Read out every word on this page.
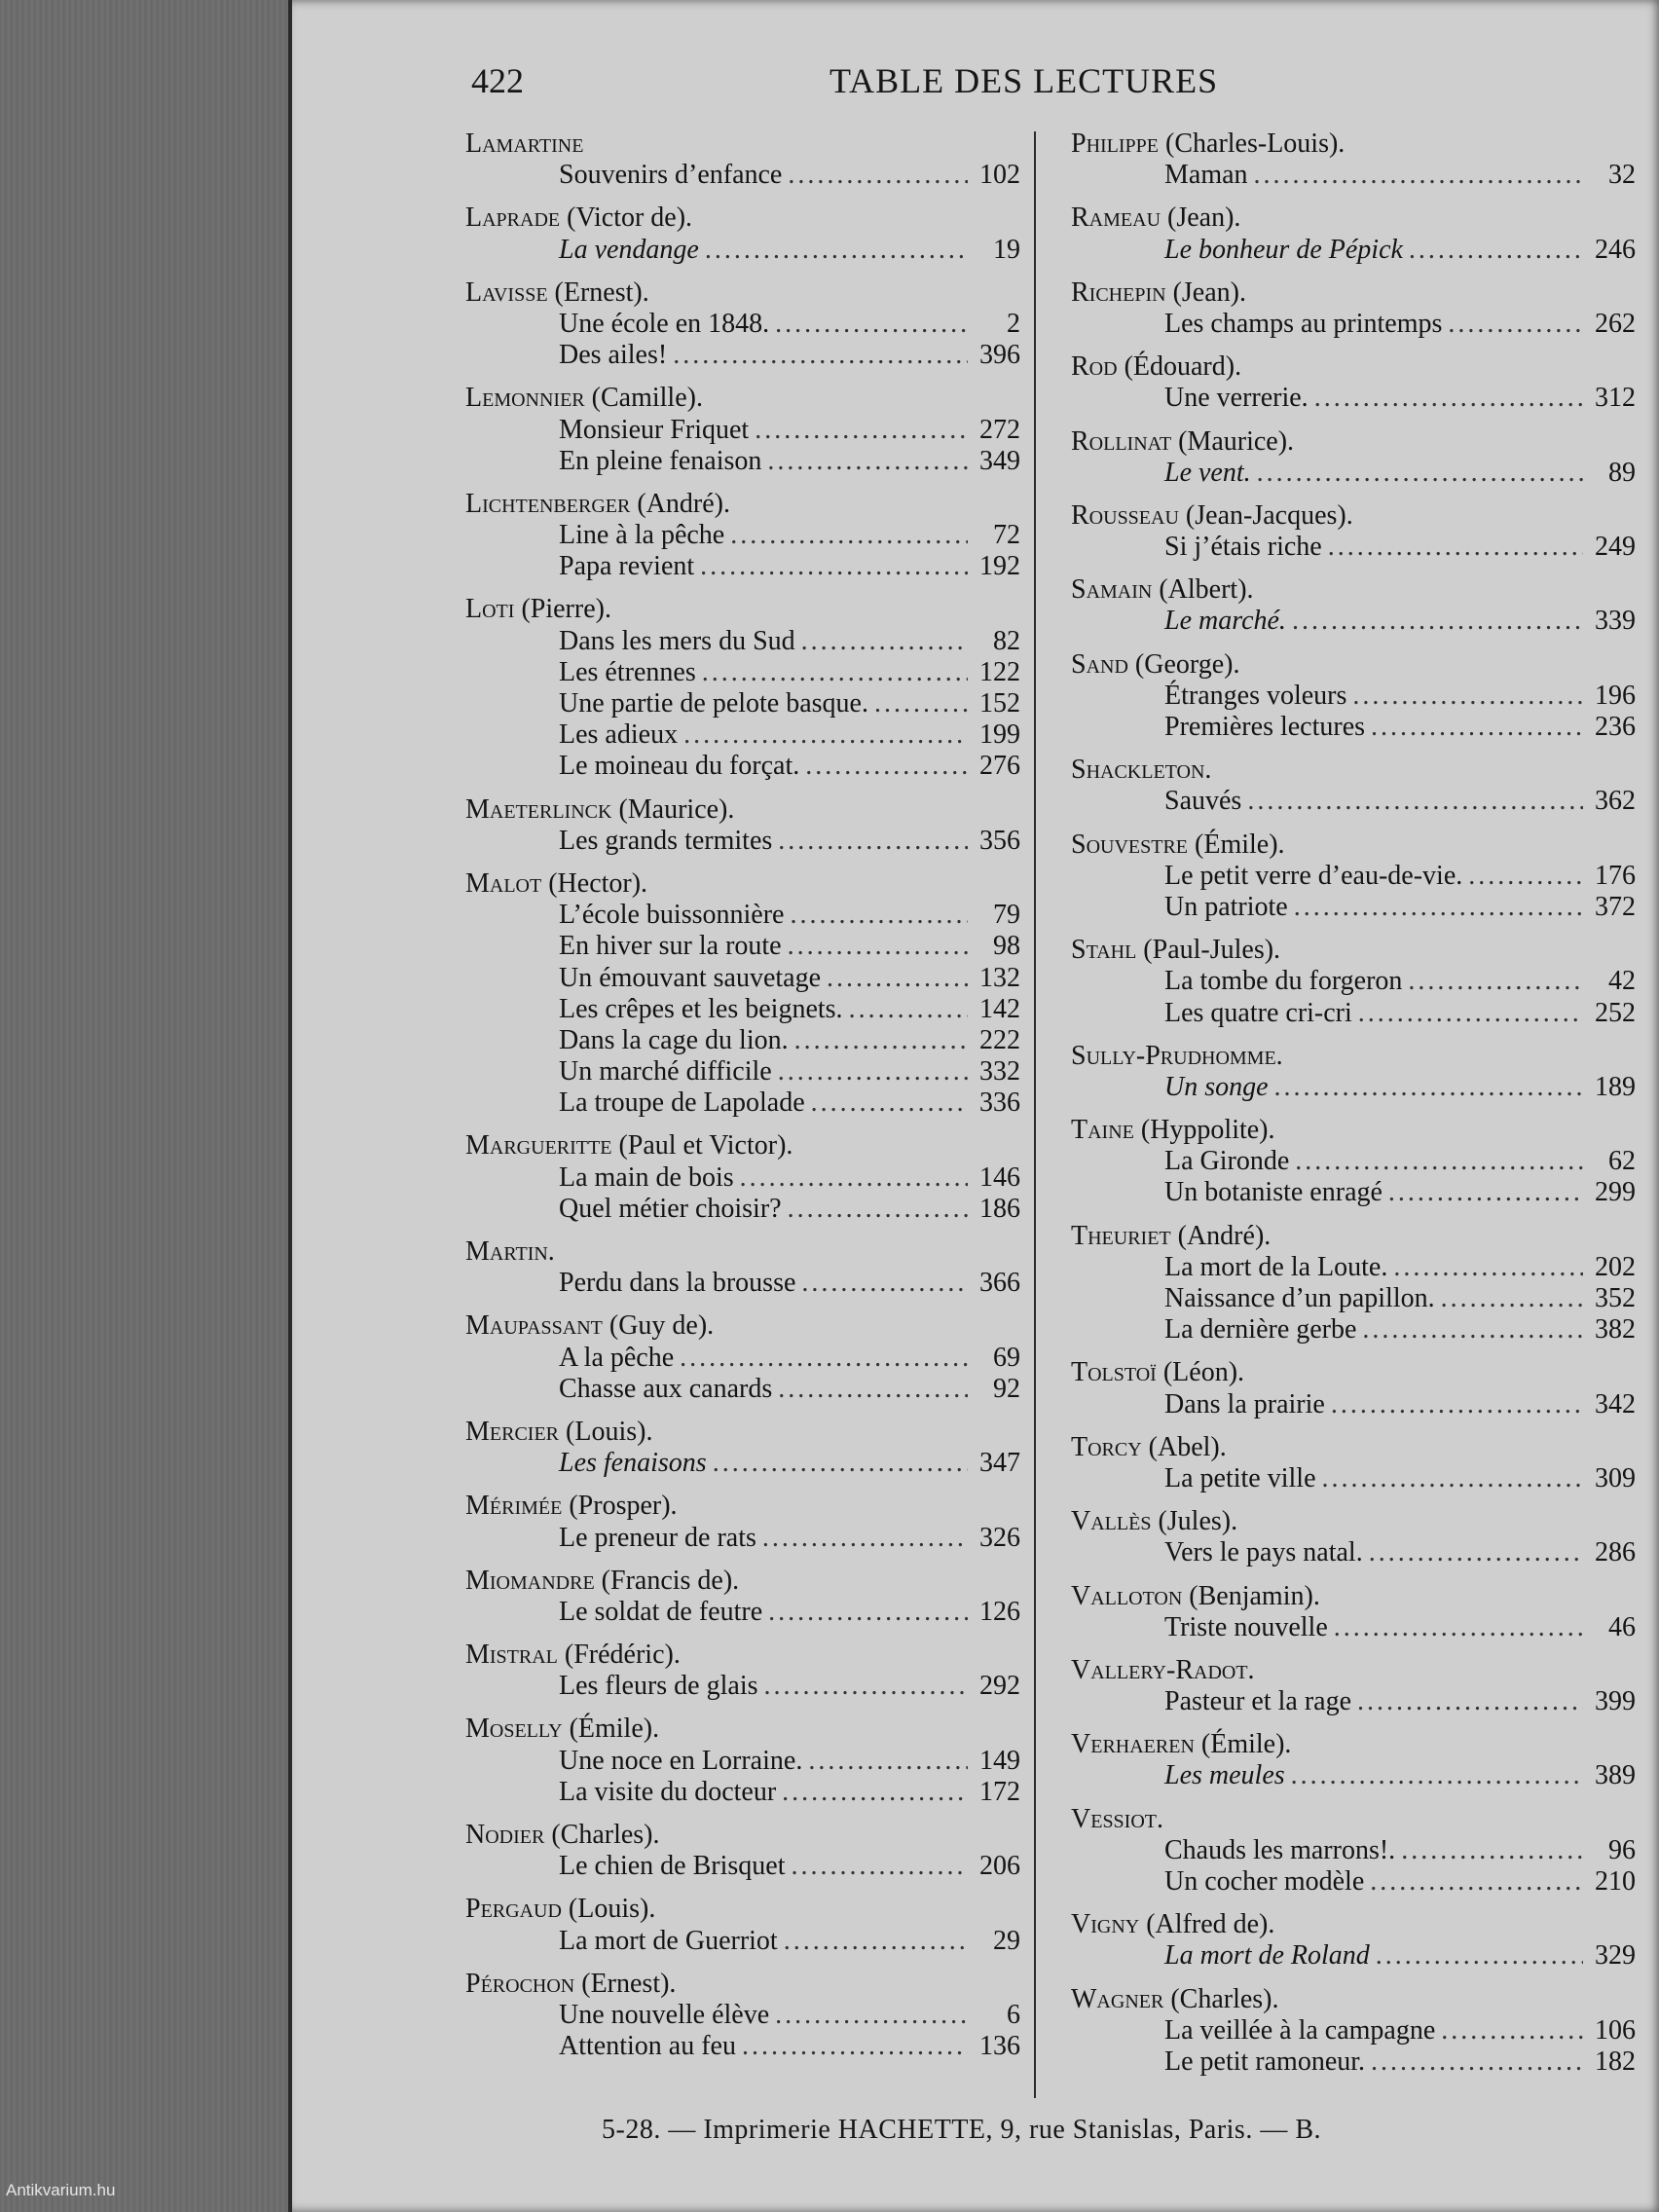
422	TABLE DES LECTURES
Lamartine
Souvenirs d’enfance .....	102
Laprade (Victor de).
La vendange .....	19
Lavisse (Ernest).
Une école en 1848. .....	2
Des ailes! .....	396
Lemonnier (Camille).
Monsieur Friquet .....	272
En pleine fenaison .....	349
Lichtenberger (André).
Line à la pêche .....	72
Papa revient .....	192
Loti (Pierre).
Dans les mers du Sud .....	82
Les étrennes .....	122
Une partie de pelote basque. .....	152
Les adieux .....	199
Le moineau du forçat. .....	276
Maeterlinck (Maurice).
Les grands termites .....	356
Malot (Hector).
L’école buissonnière .....	79
En hiver sur la route .....	98
Un émouvant sauvetage .....	132
Les crêpes et les beignets. .....	142
Dans la cage du lion. .....	222
Un marché difficile .....	332
La troupe de Lapolade .....	336
Margueritte (Paul et Victor).
La main de bois .....	146
Quel métier choisir? .....	186
Martin.
Perdu dans la brousse .....	366
Maupassant (Guy de).
A la pêche .....	69
Chasse aux canards .....	92
Mercier (Louis).
Les fenaisons .....	347
Mérimée (Prosper).
Le preneur de rats .....	326
Miomandre (Francis de).
Le soldat de feutre .....	126
Mistral (Frédéric).
Les fleurs de glais .....	292
Moselly (Émile).
Une noce en Lorraine. .....	149
La visite du docteur .....	172
Nodier (Charles).
Le chien de Brisquet .....	206
Pergaud (Louis).
La mort de Guerriot .....	29
Pérochon (Ernest).
Une nouvelle élève .....	6
Attention au feu .....	136
Philippe (Charles-Louis).
Maman .....	32
Rameau (Jean).
Le bonheur de Pépick .....	246
Richepin (Jean).
Les champs au printemps .....	262
Rod (Édouard).
Une verrerie. .....	312
Rollinat (Maurice).
Le vent. .....	89
Rousseau (Jean-Jacques).
Si j’étais riche .....	249
Samain (Albert).
Le marché. .....	339
Sand (George).
Étranges voleurs .....	196
Premières lectures .....	236
Shackleton.
Sauvés .....	362
Souvestre (Émile).
Le petit verre d’eau-de-vie. .....	176
Un patriote .....	372
Stahl (Paul-Jules).
La tombe du forgeron .....	42
Les quatre cri-cri .....	252
Sully-Prudhomme.
Un songe .....	189
Taine (Hyppolite).
La Gironde .....	62
Un botaniste enragé .....	299
Theuriet (André).
La mort de la Loute. .....	202
Naissance d’un papillon. .....	352
La dernière gerbe .....	382
Tolstoï (Léon).
Dans la prairie .....	342
Torcy (Abel).
La petite ville .....	309
Vallès (Jules).
Vers le pays natal. .....	286
Valloton (Benjamin).
Triste nouvelle .....	46
Vallery-Radot.
Pasteur et la rage .....	399
Verhaeren (Émile).
Les meules .....	389
Vessiot.
Chauds les marrons!. .....	96
Un cocher modèle .....	210
Vigny (Alfred de).
La mort de Roland .....	329
Wagner (Charles).
La veillée à la campagne .....	106
Le petit ramoneur. .....	182
5-28. — Imprimerie HACHETTE, 9, rue Stanislas, Paris. — B.
Antikvarium.hu
